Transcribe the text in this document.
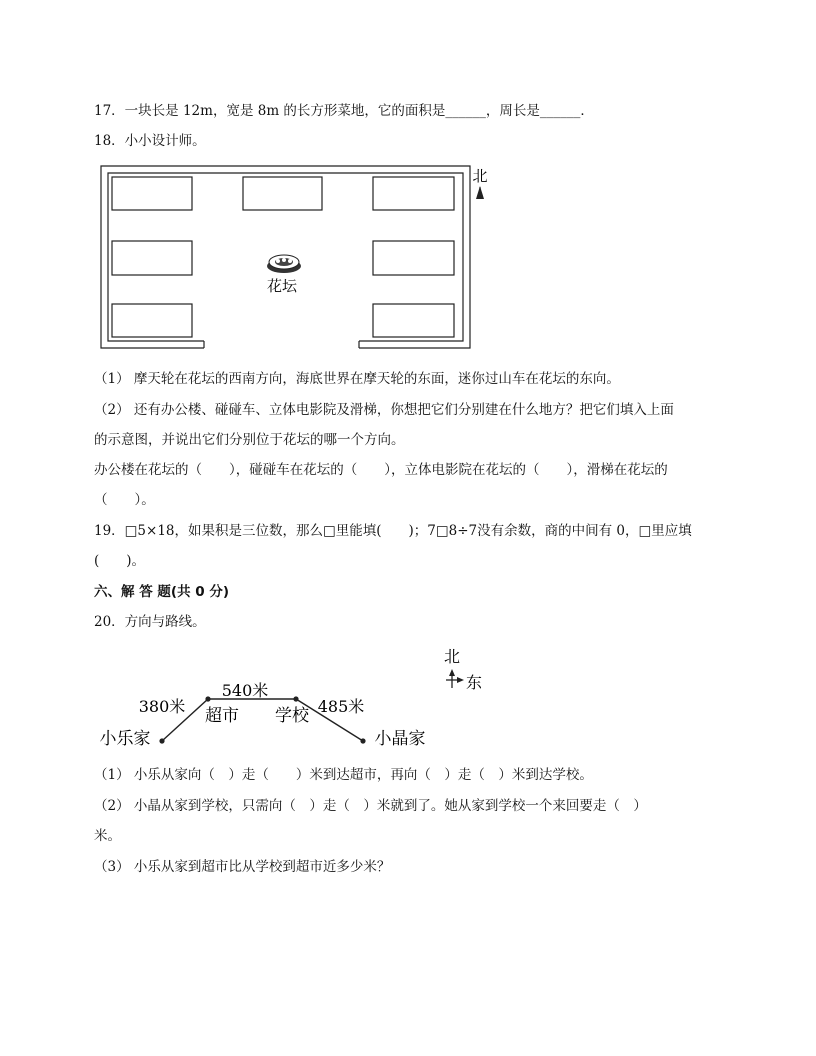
17．一块长是 12m，宽是 8m 的长方形菜地，它的面积是______，周长是______．
18．小小设计师。
花坛
北
（1） 摩天轮在花坛的西南方向，海底世界在摩天轮的东面，迷你过山车在花坛的东向。
（2） 还有办公楼、碰碰车、立体电影院及滑梯，你想把它们分别建在什么地方？把它们填入上面
的示意图，并说出它们分别位于花坛的哪一个方向。
办公楼在花坛的（　　），碰碰车在花坛的（　　），立体电影院在花坛的（　　），滑梯在花坛的
（　　）。
19．□5×18，如果积是三位数，那么□里能填(　　)；7□8÷7没有余数，商的中间有 0，□里应填
(　　)。
六、解 答 题(共 0 分)
20．方向与路线。
北
东
380米
540米
485米
小乐家
超市 学校
小晶家
（1） 小乐从家向（　）走（　　）米到达超市，再向（　）走（　）米到达学校。
（2） 小晶从家到学校，只需向（　）走（　）米就到了。她从家到学校一个来回要走（　）
米。
（3） 小乐从家到超市比从学校到超市近多少米？
